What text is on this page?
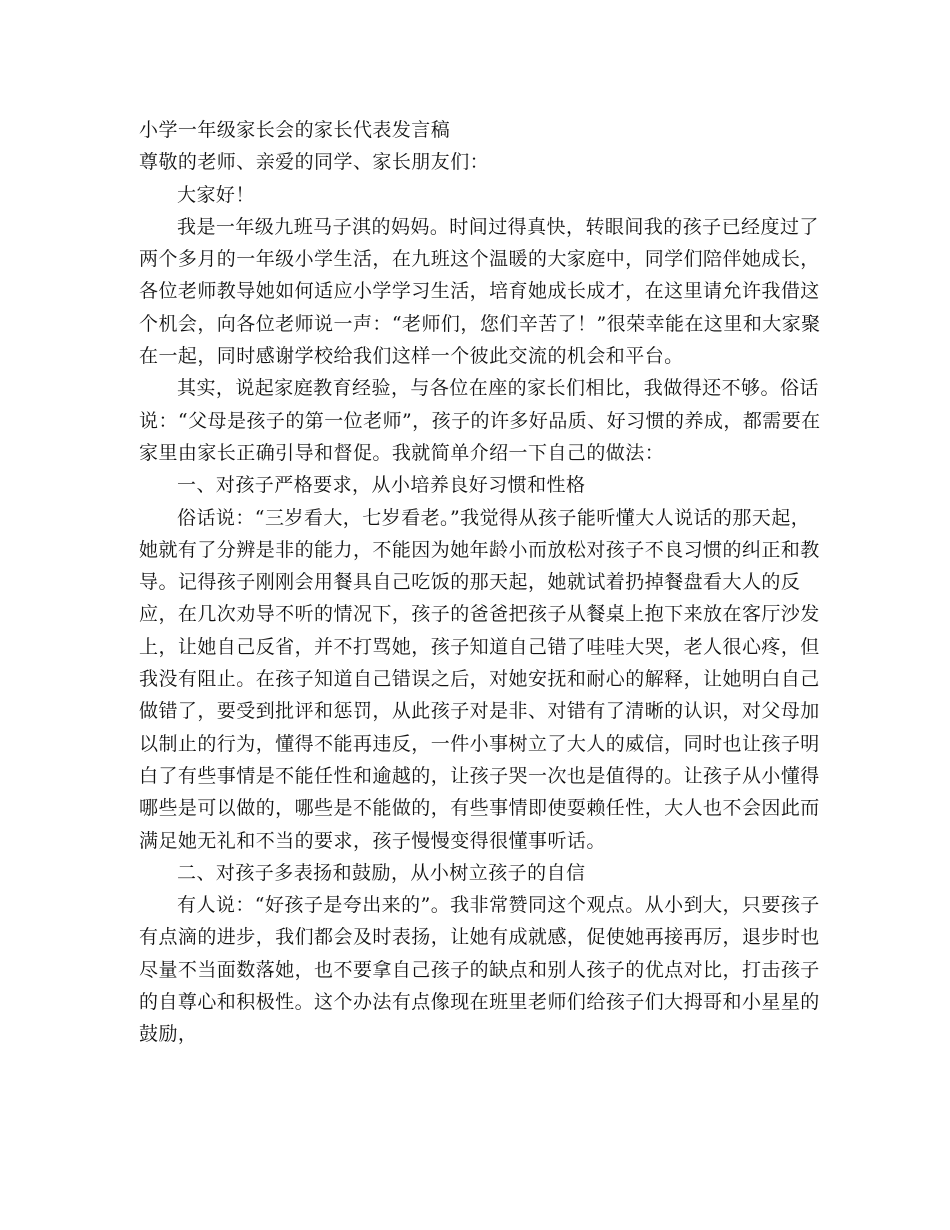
小学一年级家长会的家长代表发言稿

尊敬的老师、亲爱的同学、家长朋友们：

大家好！

我是一年级九班马子淇的妈妈。时间过得真快，转眼间我的孩子已经度过了两个多月的一年级小学生活，在九班这个温暖的大家庭中，同学们陪伴她成长，各位老师教导她如何适应小学学习生活，培育她成长成才，在这里请允许我借这个机会，向各位老师说一声：“老师们，您们辛苦了！”很荣幸能在这里和大家聚在一起，同时感谢学校给我们这样一个彼此交流的机会和平台。

其实，说起家庭教育经验，与各位在座的家长们相比，我做得还不够。俗话说：“父母是孩子的第一位老师”，孩子的许多好品质、好习惯的养成，都需要在家里由家长正确引导和督促。我就简单介绍一下自己的做法：

一、对孩子严格要求，从小培养良好习惯和性格

俗话说：“三岁看大，七岁看老。”我觉得从孩子能听懂大人说话的那天起，她就有了分辨是非的能力，不能因为她年龄小而放松对孩子不良习惯的纠正和教导。记得孩子刚刚会用餐具自己吃饭的那天起，她就试着扔掉餐盘看大人的反应，在几次劝导不听的情况下，孩子的爸爸把孩子从餐桌上抱下来放在客厅沙发上，让她自己反省，并不打骂她，孩子知道自己错了哇哇大哭，老人很心疼，但我没有阻止。在孩子知道自己错误之后，对她安抚和耐心的解释，让她明白自己做错了，要受到批评和惩罚，从此孩子对是非、对错有了清晰的认识，对父母加以制止的行为，懂得不能再违反，一件小事树立了大人的威信，同时也让孩子明白了有些事情是不能任性和逾越的，让孩子哭一次也是值得的。让孩子从小懂得哪些是可以做的，哪些是不能做的，有些事情即使耍赖任性，大人也不会因此而满足她无礼和不当的要求，孩子慢慢变得很懂事听话。

二、对孩子多表扬和鼓励，从小树立孩子的自信

有人说：“好孩子是夸出来的”。我非常赞同这个观点。从小到大，只要孩子有点滴的进步，我们都会及时表扬，让她有成就感，促使她再接再厉，退步时也尽量不当面数落她，也不要拿自己孩子的缺点和别人孩子的优点对比，打击孩子的自尊心和积极性。这个办法有点像现在班里老师们给孩子们大拇哥和小星星的鼓励，
